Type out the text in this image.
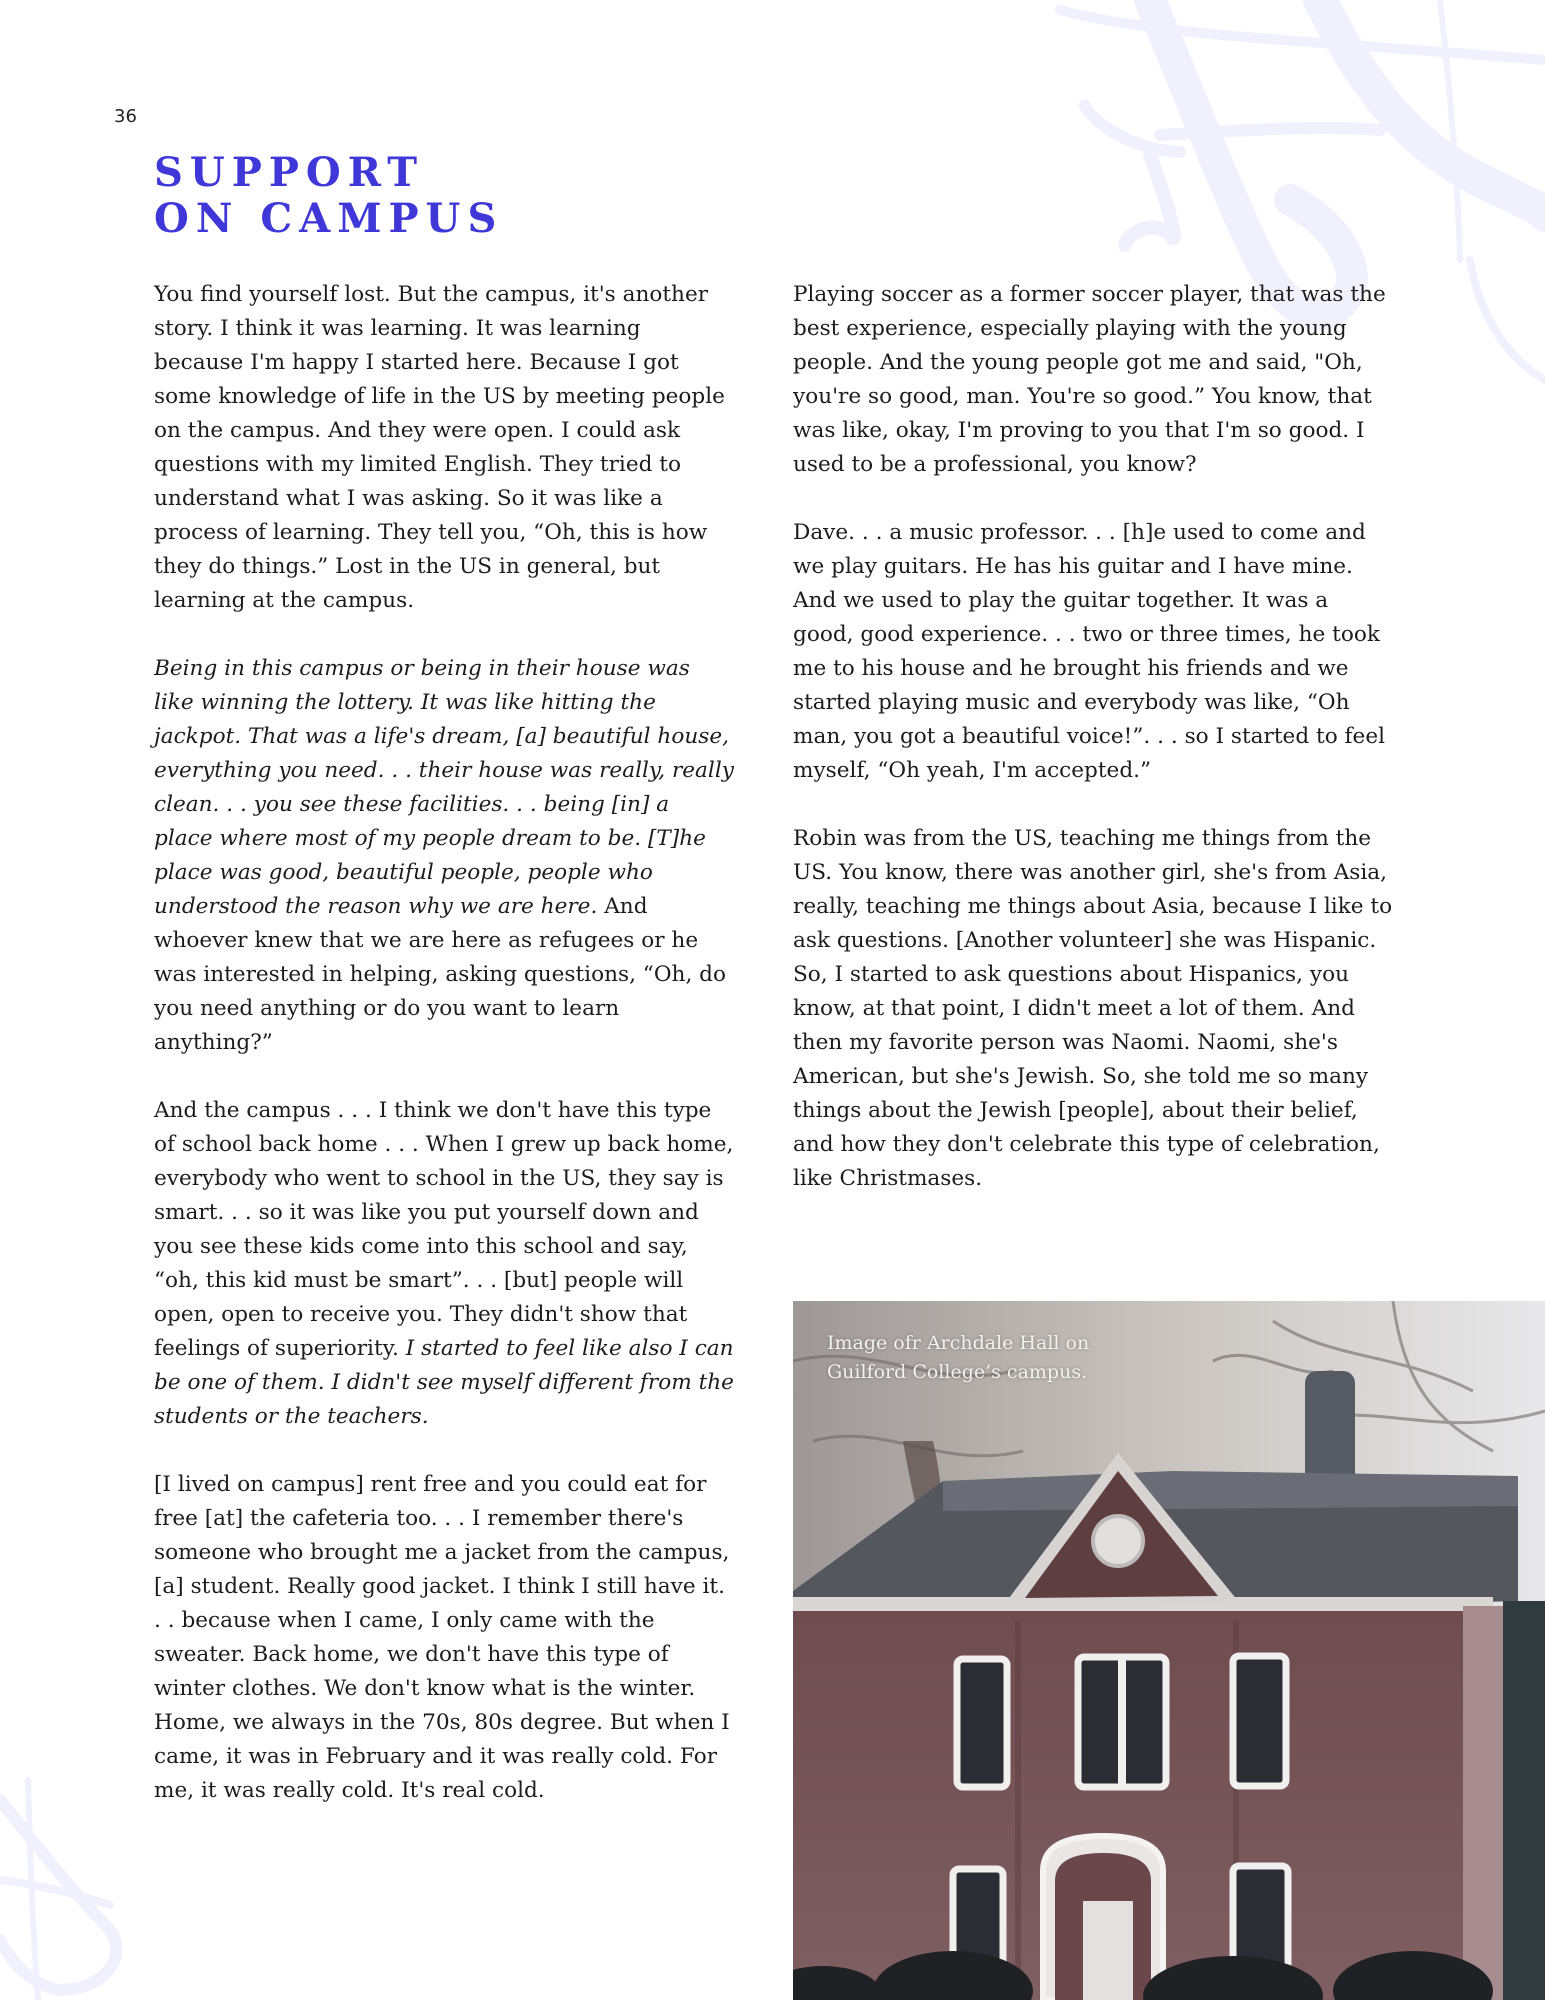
36
SUPPORT
ON CAMPUS

You find yourself lost. But the campus, it's another story. I think it was learning. It was learning because I'm happy I started here. Because I got some knowledge of life in the US by meeting people on the campus. And they were open. I could ask questions with my limited English. They tried to understand what I was asking. So it was like a process of learning. They tell you, “Oh, this is how they do things.” Lost in the US in general, but learning at the campus.

Being in this campus or being in their house was like winning the lottery. It was like hitting the jackpot. That was a life's dream, [a] beautiful house, everything you need. . . their house was really, really clean. . . you see these facilities. . . being [in] a place where most of my people dream to be. [T]he place was good, beautiful people, people who understood the reason why we are here. And whoever knew that we are here as refugees or he was interested in helping, asking questions, “Oh, do you need anything or do you want to learn anything?”

And the campus . . . I think we don't have this type of school back home . . . When I grew up back home, everybody who went to school in the US, they say is smart. . . so it was like you put yourself down and you see these kids come into this school and say, “oh, this kid must be smart”. . . [but] people will open, open to receive you. They didn't show that feelings of superiority. I started to feel like also I can be one of them. I didn't see myself different from the students or the teachers.

[I lived on campus] rent free and you could eat for free [at] the cafeteria too. . . I remember there's someone who brought me a jacket from the campus, [a] student. Really good jacket. I think I still have it. . . because when I came, I only came with the sweater. Back home, we don't have this type of winter clothes. We don't know what is the winter. Home, we always in the 70s, 80s degree. But when I came, it was in February and it was really cold. For me, it was really cold. It's real cold.

Playing soccer as a former soccer player, that was the best experience, especially playing with the young people. And the young people got me and said, "Oh, you're so good, man. You're so good.” You know, that was like, okay, I'm proving to you that I'm so good. I used to be a professional, you know?

Dave. . . a music professor. . . [h]e used to come and we play guitars. He has his guitar and I have mine. And we used to play the guitar together. It was a good, good experience. . . two or three times, he took me to his house and he brought his friends and we started playing music and everybody was like, “Oh man, you got a beautiful voice!”. . . so I started to feel myself, “Oh yeah, I'm accepted.”

Robin was from the US, teaching me things from the US. You know, there was another girl, she's from Asia, really, teaching me things about Asia, because I like to ask questions. [Another volunteer] she was Hispanic. So, I started to ask questions about Hispanics, you know, at that point, I didn't meet a lot of them. And then my favorite person was Naomi. Naomi, she's American, but she's Jewish. So, she told me so many things about the Jewish [people], about their belief, and how they don't celebrate this type of celebration, like Christmases.

Image ofr Archdale Hall on
Guilford College’s campus.
